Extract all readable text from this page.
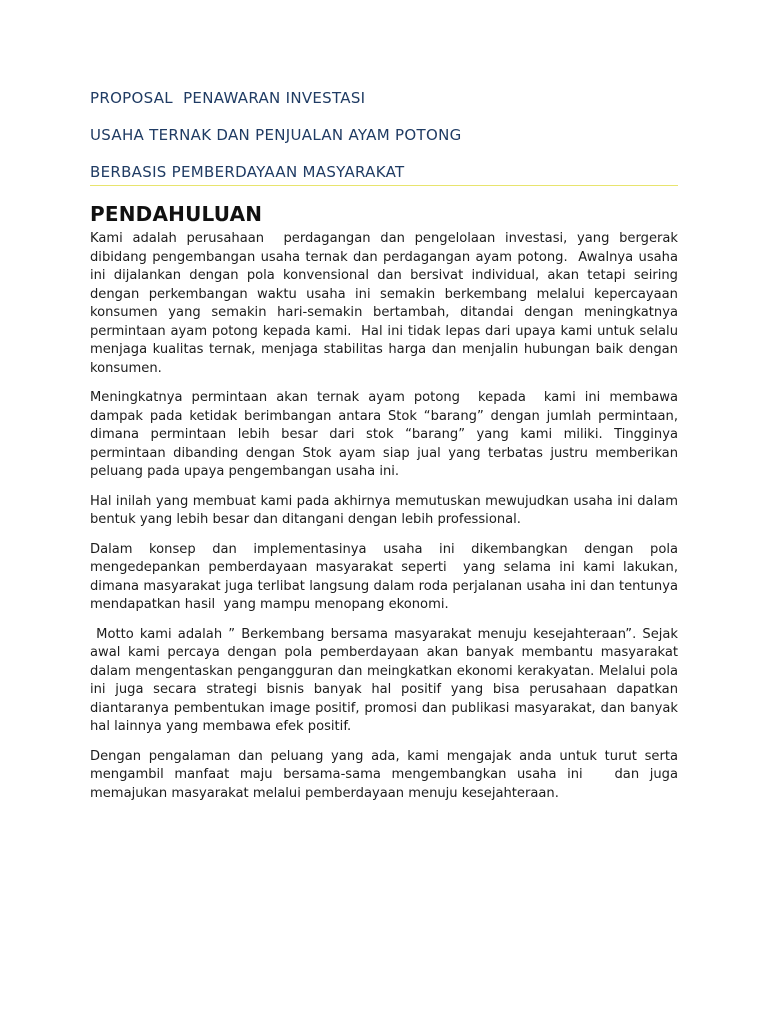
PROPOSAL  PENAWARAN INVESTASI

USAHA TERNAK DAN PENJUALAN AYAM POTONG

BERBASIS PEMBERDAYAAN MASYARAKAT

PENDAHULUAN

Kami adalah perusahaan  perdagangan dan pengelolaan investasi, yang bergerak dibidang pengembangan usaha ternak dan perdagangan ayam potong.  Awalnya usaha ini dijalankan dengan pola konvensional dan bersivat individual, akan tetapi seiring dengan perkembangan waktu usaha ini semakin berkembang melalui kepercayaan konsumen yang semakin hari-semakin bertambah, ditandai dengan meningkatnya permintaan ayam potong kepada kami.  Hal ini tidak lepas dari upaya kami untuk selalu menjaga kualitas ternak, menjaga stabilitas harga dan menjalin hubungan baik dengan konsumen.

Meningkatnya permintaan akan ternak ayam potong  kepada  kami ini membawa dampak pada ketidak berimbangan antara Stok “barang” dengan jumlah permintaan, dimana permintaan lebih besar dari stok “barang” yang kami miliki. Tingginya permintaan dibanding dengan Stok ayam siap jual yang terbatas justru memberikan peluang pada upaya pengembangan usaha ini.

Hal inilah yang membuat kami pada akhirnya memutuskan mewujudkan usaha ini dalam bentuk yang lebih besar dan ditangani dengan lebih professional.

Dalam konsep dan implementasinya usaha ini dikembangkan dengan pola mengedepankan pemberdayaan masyarakat seperti  yang selama ini kami lakukan, dimana masyarakat juga terlibat langsung dalam roda perjalanan usaha ini dan tentunya mendapatkan hasil  yang mampu menopang ekonomi.

Motto kami adalah ” Berkembang bersama masyarakat menuju kesejahteraan”. Sejak awal kami percaya dengan pola pemberdayaan akan banyak membantu masyarakat dalam mengentaskan pengangguran dan meingkatkan ekonomi kerakyatan. Melalui pola  ini juga secara strategi bisnis banyak hal positif yang bisa perusahaan dapatkan diantaranya pembentukan image positif, promosi dan publikasi masyarakat, dan banyak hal lainnya yang membawa efek positif.

Dengan pengalaman dan peluang yang ada, kami mengajak anda untuk turut serta mengambil manfaat maju bersama-sama mengembangkan usaha ini   dan juga memajukan masyarakat melalui pemberdayaan menuju kesejahteraan.
